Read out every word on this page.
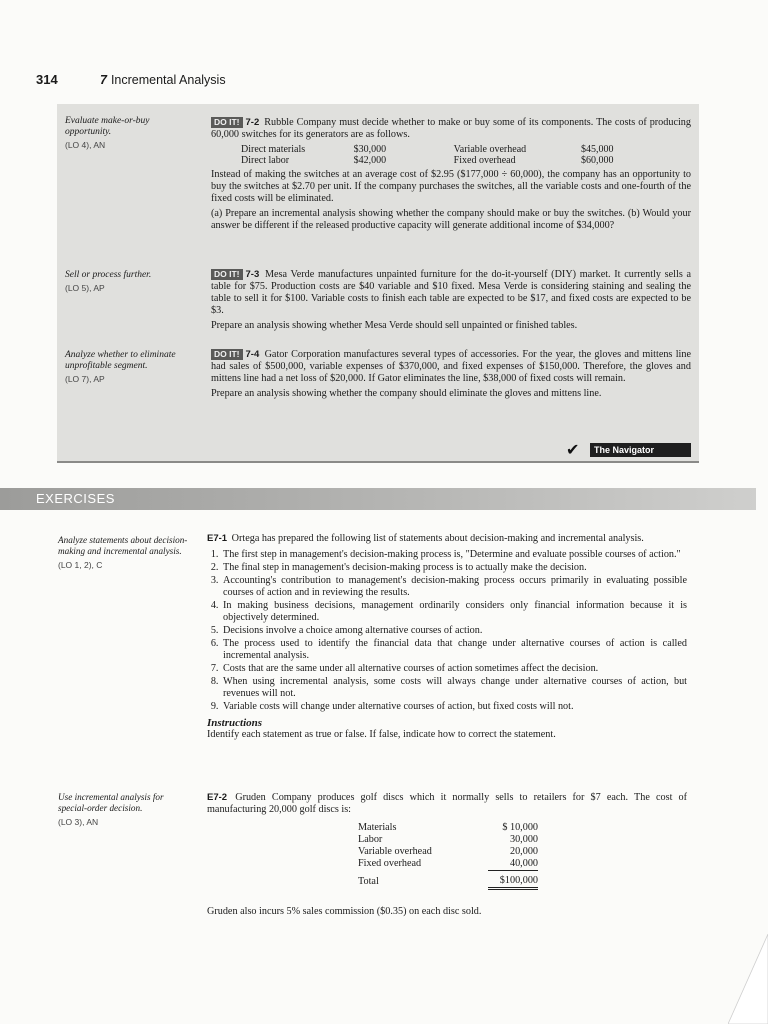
314	7 Incremental Analysis
Evaluate make-or-buy opportunity.
(LO 4), AN

DO IT! 7-2 Rubble Company must decide whether to make or buy some of its components. The costs of producing 60,000 switches for its generators are as follows.

Direct materials	$30,000	Variable overhead	$45,000
Direct labor	$42,000	Fixed overhead	$60,000

Instead of making the switches at an average cost of $2.95 ($177,000 ÷ 60,000), the company has an opportunity to buy the switches at $2.70 per unit. If the company purchases the switches, all the variable costs and one-fourth of the fixed costs will be eliminated.

(a) Prepare an incremental analysis showing whether the company should make or buy the switches. (b) Would your answer be different if the released productive capacity will generate additional income of $34,000?

Sell or process further.
(LO 5), AP

DO IT! 7-3 Mesa Verde manufactures unpainted furniture for the do-it-yourself (DIY) market. It currently sells a table for $75. Production costs are $40 variable and $10 fixed. Mesa Verde is considering staining and sealing the table to sell it for $100. Variable costs to finish each table are expected to be $17, and fixed costs are expected to be $3.

Prepare an analysis showing whether Mesa Verde should sell unpainted or finished tables.

Analyze whether to eliminate unprofitable segment.
(LO 7), AP

DO IT! 7-4 Gator Corporation manufactures several types of accessories. For the year, the gloves and mittens line had sales of $500,000, variable expenses of $370,000, and fixed expenses of $150,000. Therefore, the gloves and mittens line had a net loss of $20,000. If Gator eliminates the line, $38,000 of fixed costs will remain.

Prepare an analysis showing whether the company should eliminate the gloves and mittens line.

✔	The Navigator
EXERCISES
Analyze statements about decision-making and incremental analysis.
(LO 1, 2), C

E7-1 Ortega has prepared the following list of statements about decision-making and incremental analysis.

1. The first step in management's decision-making process is, "Determine and evaluate possible courses of action."
2. The final step in management's decision-making process is to actually make the decision.
3. Accounting's contribution to management's decision-making process occurs primarily in evaluating possible courses of action and in reviewing the results.
4. In making business decisions, management ordinarily considers only financial information because it is objectively determined.
5. Decisions involve a choice among alternative courses of action.
6. The process used to identify the financial data that change under alternative courses of action is called incremental analysis.
7. Costs that are the same under all alternative courses of action sometimes affect the decision.
8. When using incremental analysis, some costs will always change under alternative courses of action, but revenues will not.
9. Variable costs will change under alternative courses of action, but fixed costs will not.
Instructions

Identify each statement as true or false. If false, indicate how to correct the statement.

Use incremental analysis for special-order decision.
(LO 3), AN

E7-2 Gruden Company produces golf discs which it normally sells to retailers for $7 each. The cost of manufacturing 20,000 golf discs is:

Materials	$ 10,000
Labor	30,000
Variable overhead	20,000
Fixed overhead	40,000
Total	$100,000
Gruden also incurs 5% sales commission ($0.35) on each disc sold.
